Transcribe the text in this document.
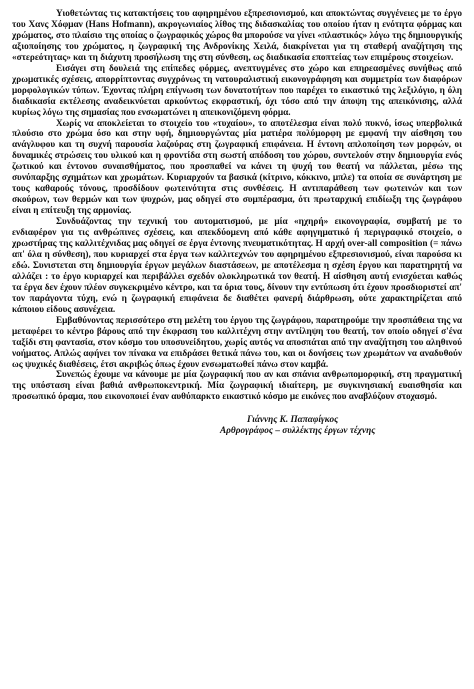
Υιοθετώντας τις κατακτήσεις του αφηρημένου εξπρεσιονισμού, και αποκτώντας συγγένειες με το έργο του Χανς Χόφμαν (Hans Hofmann), ακρογωνιαίος λίθος της διδασκαλίας του οποίου ήταν η ενότητα φόρμας και χρώματος, στο πλαίσιο της οποίας ο ζωγραφικός χώρος θα μπορούσε να γίνει «πλαστικός» λόγω της δημιουργικής αξιοποίησης του χρώματος, η ζωγραφική της Ανδρονίκης Χειλά, διακρίνεται για τη σταθερή αναζήτηση της «στερεότητας» και τη διάχυτη προσήλωση της στη σύνθεση, ως διαδικασία εποπτείας των επιμέρους στοιχείων.

Εισάγει στη δουλειά της επίπεδες φόρμες, ανεπτυγμένες στο χώρο και επηρεασμένες συνήθως από χρωματικές σχέσεις, απορρίπτοντας συγχρόνως τη νατουραλιστική εικονογράφηση και συμμετρία των διαφόρων μορφολογικών τύπων. Έχοντας πλήρη επίγνωση των δυνατοτήτων που παρέχει το εικαστικό της λεξιλόγιο, η όλη διαδικασία εκτέλεσης αναδεικνύεται αρκούντως εκφραστική, όχι τόσο από την άποψη της απεικόνισης, αλλά κυρίως λόγω της σημασίας που ενσωματώνει η απεικονιζόμενη φόρμα.

Χωρίς να αποκλείεται το στοιχείο του «τυχαίου», το αποτέλεσμα είναι πολύ πυκνό, ίσως υπερβολικά πλούσιο στο χρώμα όσο και στην υφή, δημιουργώντας μία ματιέρα πολύμορφη με εμφανή την αίσθηση του ανάγλυφου και τη συχνή παρουσία λαζούρας στη ζωγραφική επιφάνεια. Η έντονη απλοποίηση των μορφών, οι δυναμικές στρώσεις του υλικού και η φροντίδα στη σωστή απόδοση του χώρου, συντελούν στην δημιουργία ενός ζωτικού και έντονου συναισθήματος, που προσπαθεί να κάνει τη ψυχή του θεατή να πάλλεται, μέσω της συνύπαρξης σχημάτων και χρωμάτων. Κυριαρχούν τα βασικά (κίτρινο, κόκκινο, μπλε) τα οποία σε συνάρτηση με τους καθαρούς τόνους, προσδίδουν φωτεινότητα στις συνθέσεις. Η αντιπαράθεση των φωτεινών και των σκούρων, των θερμών και των ψυχρών, μας οδηγεί στο συμπέρασμα, ότι πρωταρχική επιδίωξη της ζωγράφου είναι η επίτευξη της αρμονίας.

Συνδυάζοντας την τεχνική του αυτοματισμού, με μία «ηχηρή» εικονογραφία, συμβατή με το ενδιαφέρον για τις ανθρώπινες σχέσεις, και απεκδύομενη από κάθε αφηγηματικό ή περιγραφικό στοιχείο, ο χρωστήρας της καλλιτέχνιδας μας οδηγεί σε έργα έντονης πνευματικότητας. Η αρχή over-all composition (= πάνω απ' όλα η σύνθεση), που κυριαρχεί στα έργα των καλλιτεχνών του αφηρημένου εξπρεσιονισμού, είναι παρούσα κι εδώ. Συνιστεται στη δημιουργία έργων μεγάλων διαστάσεων, με αποτέλεσμα η σχέση έργου και παρατηρητή να αλλάζει : το έργο κυριαρχεί και περιβάλλει σχεδόν ολοκληρωτικά τον θεατή. Η αίσθηση αυτή ενισχύεται καθώς τα έργα δεν έχουν πλέον συγκεκριμένο κέντρο, και τα όρια τους, δίνουν την εντύπωση ότι έχουν προσδιοριστεί απ' τον παράγοντα τύχη, ενώ η ζωγραφική επιφάνεια δε διαθέτει φανερή διάρθρωση, ούτε χαρακτηρίζεται από κάποιου είδους ασυνέχεια.

Εμβαθύνοντας περισσότερο στη μελέτη του έργου της ζωγράφου, παρατηρούμε την προσπάθεια της να μεταφέρει το κέντρο βάρους από την έκφραση του καλλιτέχνη στην αντίληψη του θεατή, τον οποίο οδηγεί σ'ένα ταξίδι στη φαντασία, στον κόσμο του υποσυνείδητου, χωρίς αυτός να αποσπάται από την αναζήτηση του αληθινού νοήματος. Απλώς αφήνει τον πίνακα να επιδράσει θετικά πάνω του, και οι δονήσεις των χρωμάτων να αναδυθούν ως ψυχικές διαθέσεις, έτσι ακριβώς όπως έχουν ενσωματωθεί πάνω στον καμβά.

Συνεπώς έχουμε να κάνουμε με μία ζωγραφική που αν και σπάνια ανθρωπομορφική, στη πραγματική της υπόσταση είναι βαθιά ανθρωποκεντρική. Μία ζωγραφική ιδιαίτερη, με συγκινησιακή ευαισθησία και προσωπικό όραμα, που εικονοποιεί έναν αυθύπαρκτο εικαστικό κόσμο με εικόνες που αναβλύζουν στοχασμό.

Γιάννης Κ. Παπαφίγκος
Αρθρογράφος – συλλέκτης έργων τέχνης
